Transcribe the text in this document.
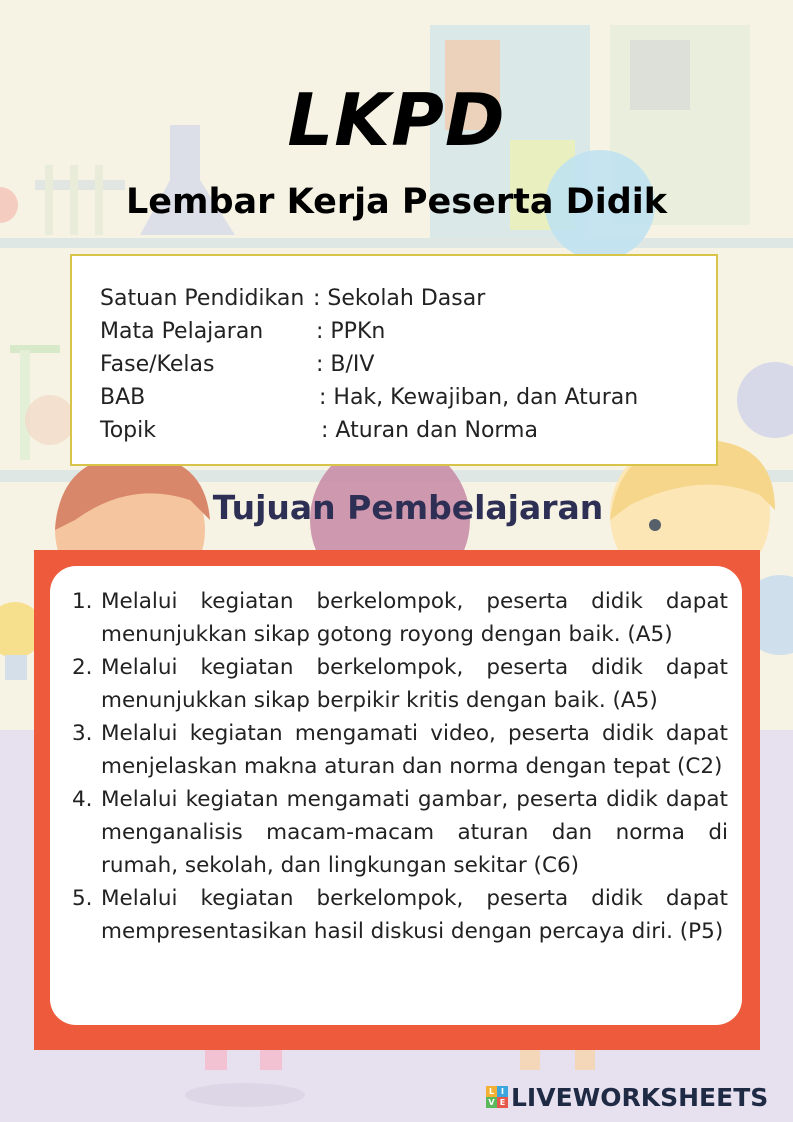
LKPD
Lembar Kerja Peserta Didik
Satuan Pendidikan : Sekolah Dasar
Mata Pelajaran : PPKn
Fase/Kelas	: B/IV
BAB	: Hak, Kewajiban, dan Aturan
Topik	: Aturan dan Norma
Tujuan Pembelajaran
1. Melalui kegiatan berkelompok, peserta didik dapat menunjukkan sikap gotong royong dengan baik. (A5)
2. Melalui kegiatan berkelompok, peserta didik dapat menunjukkan sikap berpikir kritis dengan baik. (A5)
3. Melalui kegiatan mengamati video, peserta didik dapat menjelaskan makna aturan dan norma dengan tepat (C2)
4. Melalui kegiatan mengamati gambar, peserta didik dapat menganalisis macam-macam aturan dan norma di rumah, sekolah, dan lingkungan sekitar (C6)
5. Melalui kegiatan berkelompok, peserta didik dapat mempresentasikan hasil diskusi dengan percaya diri. (P5)
L I
V E LIVEWORKSHEETS
